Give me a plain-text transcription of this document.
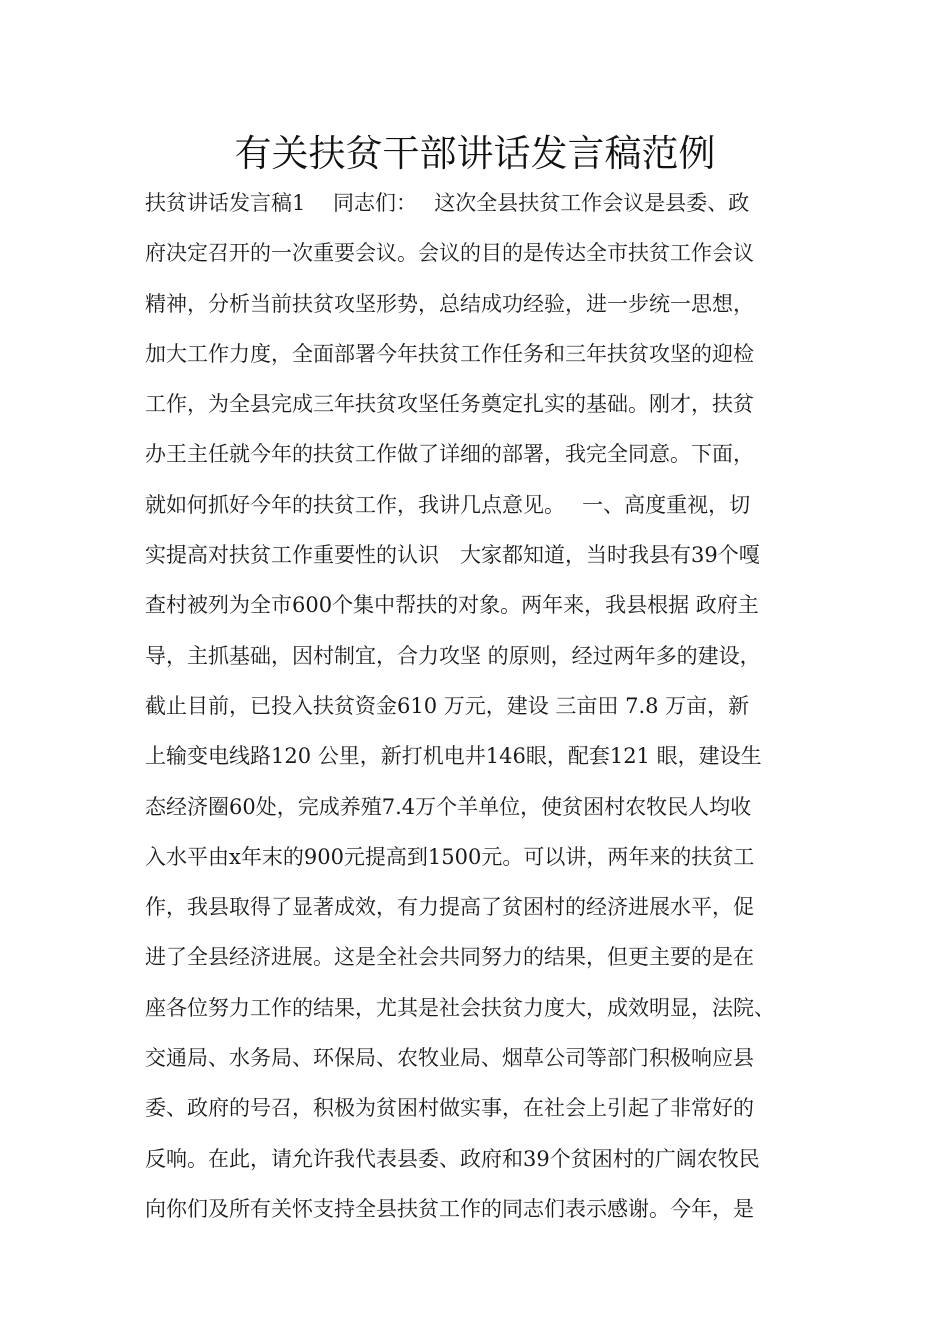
有关扶贫干部讲话发言稿范例
扶贫讲话发言稿1　 同志们：　 这次全县扶贫工作会议是县委、政
府决定召开的一次重要会议。会议的目的是传达全市扶贫工作会议
精神，分析当前扶贫攻坚形势，总结成功经验，进一步统一思想，
加大工作力度，全面部署今年扶贫工作任务和三年扶贫攻坚的迎检
工作，为全县完成三年扶贫攻坚任务奠定扎实的基础。刚才，扶贫
办王主任就今年的扶贫工作做了详细的部署，我完全同意。下面，
就如何抓好今年的扶贫工作，我讲几点意见。　 一、高度重视，切
实提高对扶贫工作重要性的认识　大家都知道，当时我县有39个嘎
查村被列为全市600个集中帮扶的对象。两年来，我县根据 政府主
导，主抓基础，因村制宜，合力攻坚 的原则，经过两年多的建设，
截止目前，已投入扶贫资金610 万元，建设 三亩田 7.8 万亩，新
上输变电线路120 公里，新打机电井146眼，配套121 眼，建设生
态经济圈60处，完成养殖7.4万个羊单位，使贫困村农牧民人均收
入水平由x年末的900元提高到1500元。可以讲，两年来的扶贫工
作，我县取得了显著成效，有力提高了贫困村的经济进展水平，促
进了全县经济进展。这是全社会共同努力的结果，但更主要的是在
座各位努力工作的结果，尤其是社会扶贫力度大，成效明显，法院、
交通局、水务局、环保局、农牧业局、烟草公司等部门积极响应县
委、政府的号召，积极为贫困村做实事，在社会上引起了非常好的
反响。在此，请允许我代表县委、政府和39个贫困村的广阔农牧民
向你们及所有关怀支持全县扶贫工作的同志们表示感谢。今年，是
